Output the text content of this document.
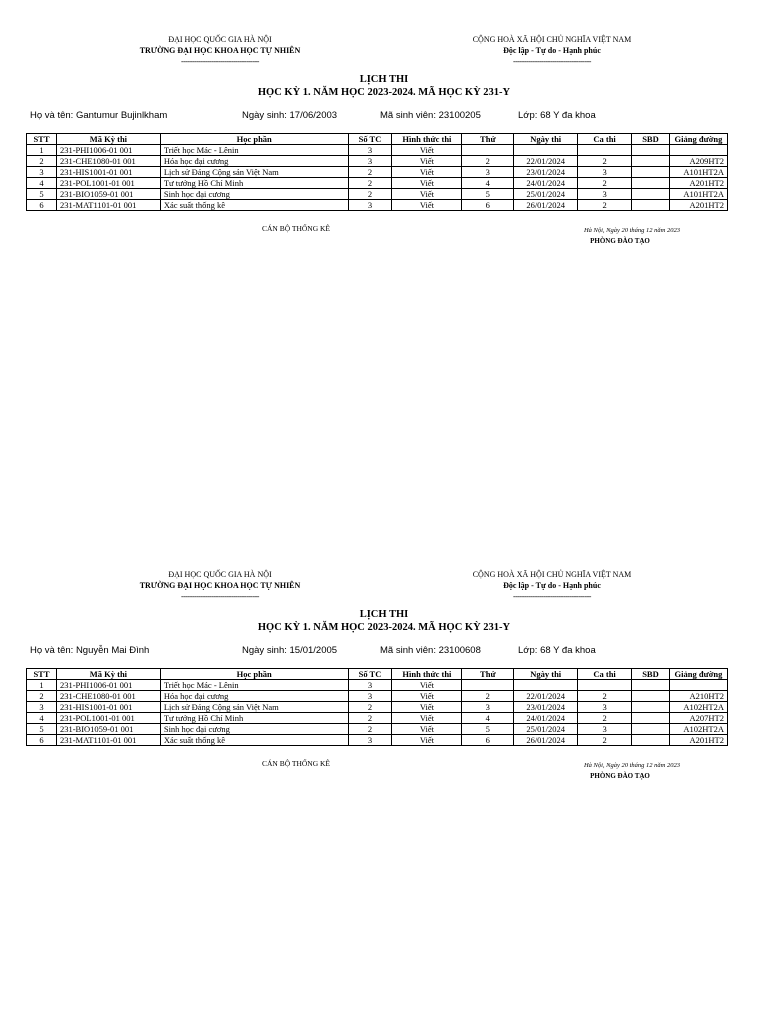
ĐẠI HỌC QUỐC GIA HÀ NỘI
TRƯỜNG ĐẠI HỌC KHOA HỌC TỰ NHIÊN
------------------------------------
CỘNG HOÀ XÃ HỘI CHỦ NGHĨA VIỆT NAM
Độc lập - Tự do - Hạnh phúc
------------------------------------
LỊCH THI
HỌC KỲ 1. NĂM HỌC 2023-2024. MÃ HỌC KỲ 231-Y
Họ và tên: Gantumur Bujinlkham	Ngày sinh: 17/06/2003	Mã sinh viên: 23100205	Lớp: 68 Y đa khoa
STT	Mã Kỳ thi	Học phần	Số TC	Hình thức thi	Thứ	Ngày thi	Ca thi	SBD	Giảng đường
1	231-PHI1006-01 001	Triết học Mác - Lênin	3	Viết					
2	231-CHE1080-01 001	Hóa học đại cương	3	Viết	2	22/01/2024	2		A209HT2
3	231-HIS1001-01 001	Lịch sử Đảng Cộng sản Việt Nam	2	Viết	3	23/01/2024	3		A101HT2A
4	231-POL1001-01 001	Tư tưởng Hồ Chí Minh	2	Viết	4	24/01/2024	2		A201HT2
5	231-BIO1059-01 001	Sinh học đại cương	2	Viết	5	25/01/2024	3		A101HT2A
6	231-MAT1101-01 001	Xác suất thống kê	3	Viết	6	26/01/2024	2		A201HT2
CÁN BỘ THỐNG KÊ	Hà Nội, Ngày 20 tháng 12 năm 2023
PHÒNG ĐÀO TẠO
ĐẠI HỌC QUỐC GIA HÀ NỘI
TRƯỜNG ĐẠI HỌC KHOA HỌC TỰ NHIÊN
------------------------------------
CỘNG HOÀ XÃ HỘI CHỦ NGHĨA VIỆT NAM
Độc lập - Tự do - Hạnh phúc
------------------------------------
LỊCH THI
HỌC KỲ 1. NĂM HỌC 2023-2024. MÃ HỌC KỲ 231-Y
Họ và tên: Nguyễn Mai Đình	Ngày sinh: 15/01/2005	Mã sinh viên: 23100608	Lớp: 68 Y đa khoa
STT	Mã Kỳ thi	Học phần	Số TC	Hình thức thi	Thứ	Ngày thi	Ca thi	SBD	Giảng đường
1	231-PHI1006-01 001	Triết học Mác - Lênin	3	Viết					
2	231-CHE1080-01 001	Hóa học đại cương	3	Viết	2	22/01/2024	2		A210HT2
3	231-HIS1001-01 001	Lịch sử Đảng Cộng sản Việt Nam	2	Viết	3	23/01/2024	3		A102HT2A
4	231-POL1001-01 001	Tư tưởng Hồ Chí Minh	2	Viết	4	24/01/2024	2		A207HT2
5	231-BIO1059-01 001	Sinh học đại cương	2	Viết	5	25/01/2024	3		A102HT2A
6	231-MAT1101-01 001	Xác suất thống kê	3	Viết	6	26/01/2024	2		A201HT2
CÁN BỘ THỐNG KÊ	Hà Nội, Ngày 20 tháng 12 năm 2023
PHÒNG ĐÀO TẠO
